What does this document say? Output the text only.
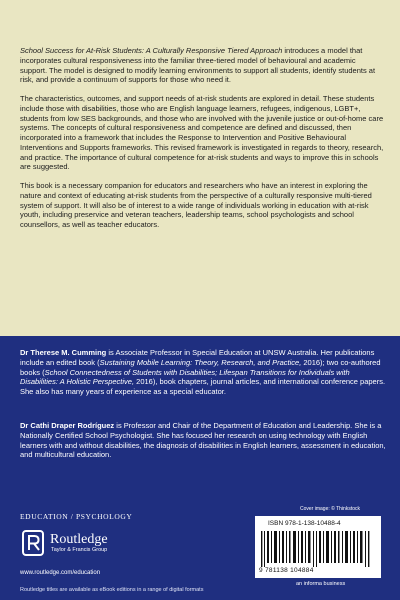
School Success for At-Risk Students: A Culturally Responsive Tiered Approach introduces a model that incorporates cultural responsiveness into the familiar three-tiered model of behavioural and academic support. The model is designed to modify learning environments to support all students, identify students at risk, and provide a continuum of supports for those who need it.

The characteristics, outcomes, and support needs of at-risk students are explored in detail. These students include those with disabilities, those who are English language learners, refugees, indigenous, LGBT+, students from low SES backgrounds, and those who are involved with the juvenile justice or out-of-home care systems. The concepts of cultural responsiveness and competence are defined and discussed, then incorporated into a framework that includes the Response to Intervention and Positive Behavioural Interventions and Supports frameworks. This revised framework is investigated in regards to theory, research, and practice. The importance of cultural competence for at-risk students and ways to improve this in schools are suggested.

This book is a necessary companion for educators and researchers who have an interest in exploring the nature and context of educating at-risk students from the perspective of a culturally responsive multi-tiered system of support. It will also be of interest to a wide range of individuals working in education with at-risk youth, including preservice and veteran teachers, leadership teams, school psychologists and school counsellors, as well as teacher educators.

Dr Therese M. Cumming is Associate Professor in Special Education at UNSW Australia. Her publications include an edited book (Sustaining Mobile Learning: Theory, Research, and Practice, 2016); two co-authored books (School Connectedness of Students with Disabilities; Lifespan Transitions for Individuals with Disabilities: A Holistic Perspective, 2016), book chapters, journal articles, and international conference papers. She also has many years of experience as a special educator.
Dr Cathi Draper Rodríguez is Professor and Chair of the Department of Education and Leadership. She is a Nationally Certified School Psychologist. She has focused her research on using technology with English learners with and without disabilities, the diagnosis of disabilities in English learners, assessment in education, and multicultural education.
EDUCATION / PSYCHOLOGY
Routledge
Taylor & Francis Group
www.routledge.com/education
Routledge titles are available as eBook editions in a range of digital formats
Cover image: © Thinkstock
ISBN 978-1-138-10488-4
9 781138 104884
an informa business
